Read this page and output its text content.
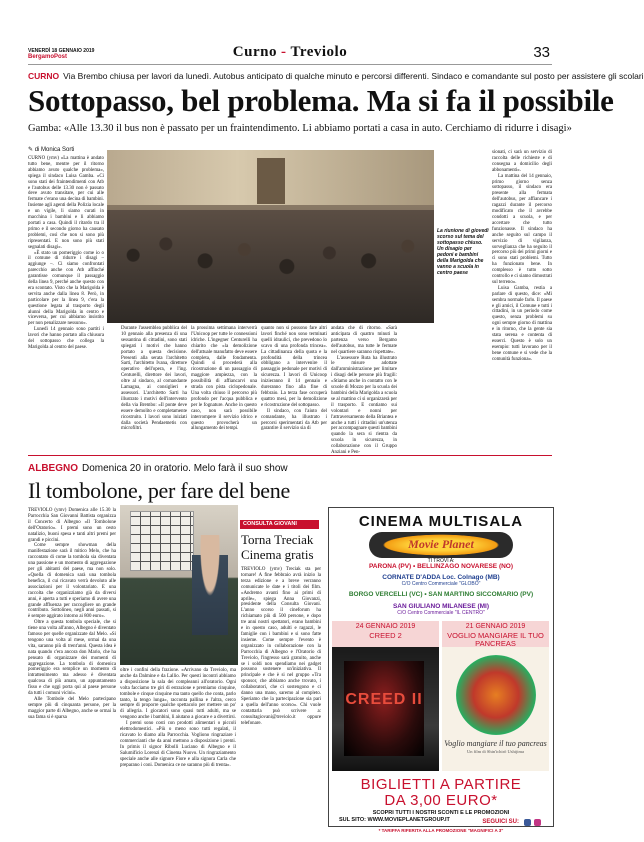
VENERDÌ 18 GENNAIO 2019
BergamoPost	Curno - Treviolo	33
CURNO Via Brembo chiusa per lavori da lunedì. Autobus anticipato di qualche minuto e percorsi differenti. Sindaco e comandante sul posto per assistere gli scolari
Sottopasso, bel problema. Ma si fa il possibile
Gamba: «Alle 13.30 il bus non è passato per un fraintendimento. Li abbiamo portati a casa in auto. Cerchiamo di ridurre i disagi»
✎ di Monica Sorti

CURNO (ymv) «La mattina è andato tutto bene, mentre per il ritorno abbiamo avuto qualche problema», spiega il sindaco Luisa Gamba. «Ci sono stati dei fraintendimenti con Atb e l'autobus delle 13.30 non è passato deve avuto transitare, per cui alle fermate c'erano una decina di bambini. Insieme agli agenti della Polizia locale e un vigile, li siamo curati in macchina i bambini e li abbiamo portati a casa. Quindi il ritardo tra il primo e il secondo giorno ha causato problemi, così che non si sono più ripresentati. E non sono più stati segnalati disagi».

«È stato un pomeriggio come io o il comune di ridurre i disagi – aggiunge –. Ci siamo confrontati parecchio anche con Atb affinché garantisse comunque il passaggio della linea 9, perché anche questo con era scontato. Visto che la Marigolda è servita anche dalla linea 8. Però, in particolare per la linea 9, c'era la questione legata al trasporto degli alunni della Marigolda in centro e viceversa, per cui abbiamo insistito per non penalizzare nessuno».

Lunedì 14 gennaio sono partiti i lavori che hanno portato alla chiusura del sottopasso che collega la Marigolda al centro del paese.

La riunione di giovedì scorso sul tema del sottopasso chiuso. Un disagio per pedoni e bambini della Marigolda che vanno a scuola in centro paese
Durante l'assemblea pubblica del 10 gennaio alla presenza di una sessantina di cittadini, sono stati spiegati i motivi che hanno portato a questa decisione. Presenti alla serata l'architetto Sarti, l'architetto Ivana, direttore operativo dell'opera, e l'ing. Centurelli, direttore dei lavori, oltre al sindaco, al comandante Lamagna, ai consiglieri e assessori. L'architetto Sarti ha illustrato i motivi dell'intervento della via Brembo: «Il ponte deve essere demolito e completamente ricostruito. I lavori sono iniziati dalla società Pendaemetis con microfiltri.
la prossima settimana interverrà l'Unicoop per tutte le connessioni idriche. L'ingegner Centurelli ha chiarito che «la demolizione dell'attuale manufatto deve essere completa, dalle fondamenta. Quindi si procederà alla ricostruzione di un passaggio di maggiore ampiezza, con la possibilità di affiancarvi una strada con pista ciclopedonale. Una volta chiuso il percorso più profondo per l'acqua pubblica e per le fognature. Anche in questo caso, non sarà possibile interrompere il servizio idrico e questo provocherà un allungamento dei tempi.

quanto non si possono fare altri lavori finché non sono terminati quelli idraulici, che prevedono lo scavo di una profonda trincea». La cittadinanza della quota e la profondità della trincea obbligano a intervenire il passaggio pedonale per motivi di sicurezza. I lavori di Unicoop inizieranno il 14 gennaio e dureranno fino alla fine di febbraio. La terza fase occuperà quattro mesi, per la demolizione e ricostruzione del sottopasso.

Il sindaco, con l'aiuto del comandante, ha illustrato i percorsi sperimentati da Atb per garantire il servizio sia di

andata che di ritorno. «Sarà anticipata di quattro minuti la partenza verso Bergamo dell'autobus, ma tutte le fermate nel quartiere saranno rispettate».

L'assessore Ruta ha illustrato le misure adottate dall'amministrazione per limitare i disagi delle persone più fragili: «Stiamo anche in contatto con le scuole di Mozzo per la scuola dei bambini della Marigolda a scuola se al mattino ci si organizzerà per il trasporto. E contiamo sui volontari e nonni per l'attraversamento della Briantea e anche a tutti i cittadini un'utenza per accompagnare questi bambini quando la sera si rientra da scuola in sicurezza, in collaborazione con il Gruppo Anziani e Pen-

sionati, ci sarà un servizio di raccolta delle richieste e di consegna a domicilio degli abbonamenti».

La mattina del 14 gennaio, primo giorno senza sottopasso, il sindaco era presente alla fermata dell'autobus, per affiancare i ragazzi durante il percorso modificato che il avrebbe condotti a scuola, e per accertare che tutto funzionasse. Il sindaco ha anche seguito sul campo il servizio di vigilanza, sorveglianza che ha seguito il percorso più dei primi giorni e ci sono stati problemi. Tutto ha funzionato bene. In complesso è tutto sotto controllo e ci siamo dimostrati sul terreno».

Luisa Gamba, restia a parlare di questo, dice: «Mi sembra normale farlo. Il paese e gli amici, il Comune e tutti i cittadini, in un periodo come questo, senza problemi su ogni sempre giorno di mattina e in ritorno, che la gente sia stata serena e contenta di esserci. Questo è solo un esempio: tutti lavorano per il bene comune e si vede che la comunità funziona».

ALBEGNO Domenica 20 in oratorio. Melo farà il suo show
Il tombolone, per fare del bene

TREVIOLO (ymv) Domenica alle 15.30 la Parrocchia San Giovanni Battista organizza il Concerto di Albegno «Il Tombolone dell'Oratorio». I premi sono un cesto natalizio, buoni spesa e tanti altri premi per grandi e piccini.

Come sempre showman della manifestazione sarà il mitico Melo, che ha raccontato di come la tombola sia diventata una passione e un momento di aggregazione per gli abitanti del paese, ma non solo. «Quella di domenica sarà una tombola benefica, il cui ricavato verrà devoluto alle associazioni per il volontariato. E una raccolta che organizziamo già da diversi anni, è aperta a tutti e speriamo di avere una grande affluenza per raccogliere un grande contributo. Sottolineo, negli anni passati, si è sempre aggirato intorno ai 800 euro».

Oltre a questa tombola speciale, che si tiene una volta all'anno, Albegno è diventato famoso per quelle organizzate dal Melo. «Si tengono una volta al mese, ormai da una vita, saranno più di trent'anni. Questa idea è nata quando c'era ancora don Mario, che ha pensato di organizzare dei momenti di aggregazione. La tombola di domenica pomeriggio era semplice un momento di intrattenimento ma adesso è diventata qualcosa di più amato, un appuntamento fisso e che oggi porta qui al paese persone da tutti i comuni vicini».

Alle Tombole del Melo partecipano sempre più di cinquanta persone, per la maggior parte di Albegno, anche se ormai la sua fama si è sparsa

oltre i confini della frazione. «Arrivano da Treviolo, ma anche da Dalmine e da Lallio. Per questi incontri abbiamo a disposizione la sala dei compleanni all'oratorio. Ogni volta facciamo tre giri di estrazione e premiamo cinquine, tombole e cinque cinquine ma tanto quello che conta, parlo tanto, la tengo lunga», racconta pallina e l'altra, cerco sempre di proporre qualche spettacolo per mettere un po' di allegria. I giocatori sono quasi tutti adulti, ma se vengono anche i bambini, li aiutano a giocare e a divertirsi.

I premi sono costi con prodotti alimentari o piccoli elettrodomestici. «Più o meno sono tutti regalati, il ricavato lo diamo alla Parrocchia. Vogliono ringraziare i commercianti che da anni mettono a disposizione i premi. In primis il signor Ribolli Luciano di Albegno e il Salumificio Lorenzi di Cinema Nuovo. Un ringraziamento speciale anche alle signore Fiore e alla signora Carla che preparano i coni. Domenica ce ne saranno più di trenta».

CONSULTA GIOVANI
Torna Treciak Cinema gratis
TREVIOLO (ymv) Treciak sta per tornare! A fine febbraio avrà inizio la terza edizione e a breve verranno comunicate le date e i titoli dei film. «Andremo avanti fino ai primi di aprile», spiega Anna Giovanzi, presidente della Consulta Giovani. L'anno scorso il cineforum ha richiamato più di 500 persone, e dopo tre anni nostri spettatori, erano bambini e in questo caso, adulti e ragazzi, le famiglie con i bambini e si sono fatte insieme. Come sempre l'evento è organizzato in collaborazione con la Parrocchia di Albegno e l'Oratorio di Treviolo, l'ingresso sarà gratuito, anche se i soldi non spendiamo nei gadget possono sostenere un'iniziativa. Il principale e che è si nel gruppo «Tra sponsor, che abbiamo anche trovato, i collaboratori, che ci sostengono e ci danno una mano, saremo al completo. Speriamo che la partecipazione sia pari a quella dell'anno scorso». Chi vuole contattarla può scrivere a: consultagiovani@treviolo.it oppure telefonare.
CINEMA MULTISALA
Movie Planet
TI TROVI A:
PARONA (PV) • BELLINZAGO NOVARESE (NO)
CORNATE D'ADDA Loc. Colnago (MB)
C/O Centro Commerciale "GLOBO"
BORGO VERCELLI (VC) • SAN MARTINO SICCOMARIO (PV)
SAN GIULIANO MILANESE (MI)
C/O Centro Commerciale "IL CENTRO"
24 GENNAIO 2019
CREED 2
CREED II
21 GENNAIO 2019
VOGLIO MANGIARE IL TUO PANCREAS
Voglio mangiare il tuo pancreas
Un film di Shin'ichirō Ushijima
BIGLIETTI A PARTIRE
DA 3,00 EURO*
SCOPRI TUTTI I NOSTRI SCONTI E LE PROMOZIONI
SUL SITO: WWW.MOVIEPLANETGROUP.IT	SEGUICI SU:
* TARIFFA RIFERITA ALLA PROMOZIONE "MAGNIFICI A 3"
